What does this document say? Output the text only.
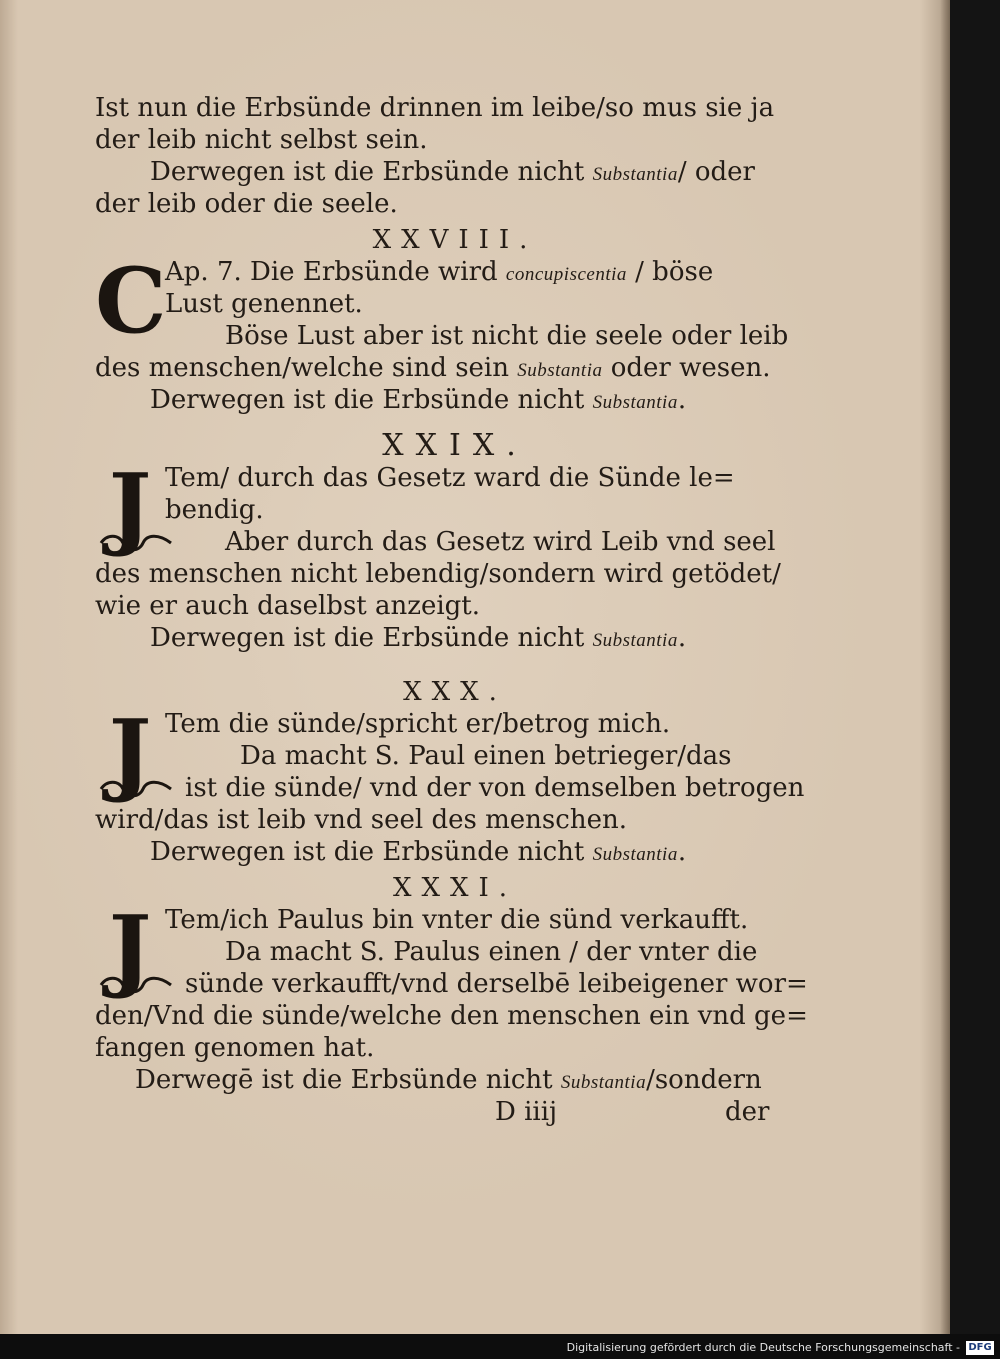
Ist nun die Erbsünde drinnen im leibe/so mus sie ja
der leib nicht selbst sein.
Derwegen ist die Erbsünde nicht Substantia/ oder
der leib oder die seele.
XXVIII.
C
Ap. 7. Die Erbsünde wird concupiscentia / böse
Lust genennet.
Böse Lust aber ist nicht die seele oder leib
des menschen/welche sind sein Substantia oder wesen.
Derwegen ist die Erbsünde nicht Substantia.
XXIX.
J Tem/ durch das Gesetz ward die Sünde le=
bendig.
Aber durch das Gesetz wird Leib vnd seel
des menschen nicht lebendig/sondern wird getödet/
wie er auch daselbst anzeigt.
Derwegen ist die Erbsünde nicht Substantia.
XXX.
J Tem die sünde/spricht er/betrog mich.
Da macht S. Paul einen betrieger/das
ist die sünde/ vnd der von demselben betrogen
wird/das ist leib vnd seel des menschen.
Derwegen ist die Erbsünde nicht Substantia.
XXXI.
J Tem/ich Paulus bin vnter die sünd verkaufft.
Da macht S. Paulus einen / der vnter die
sünde verkaufft/vnd derselbē leibeigener wor=
den/Vnd die sünde/welche den menschen ein vnd ge=
fangen genomen hat.
Derwegē ist die Erbsünde nicht Substantia/sondern
D iiij	der
Digitalisierung gefördert durch die Deutsche Forschungsgemeinschaft - DFG
